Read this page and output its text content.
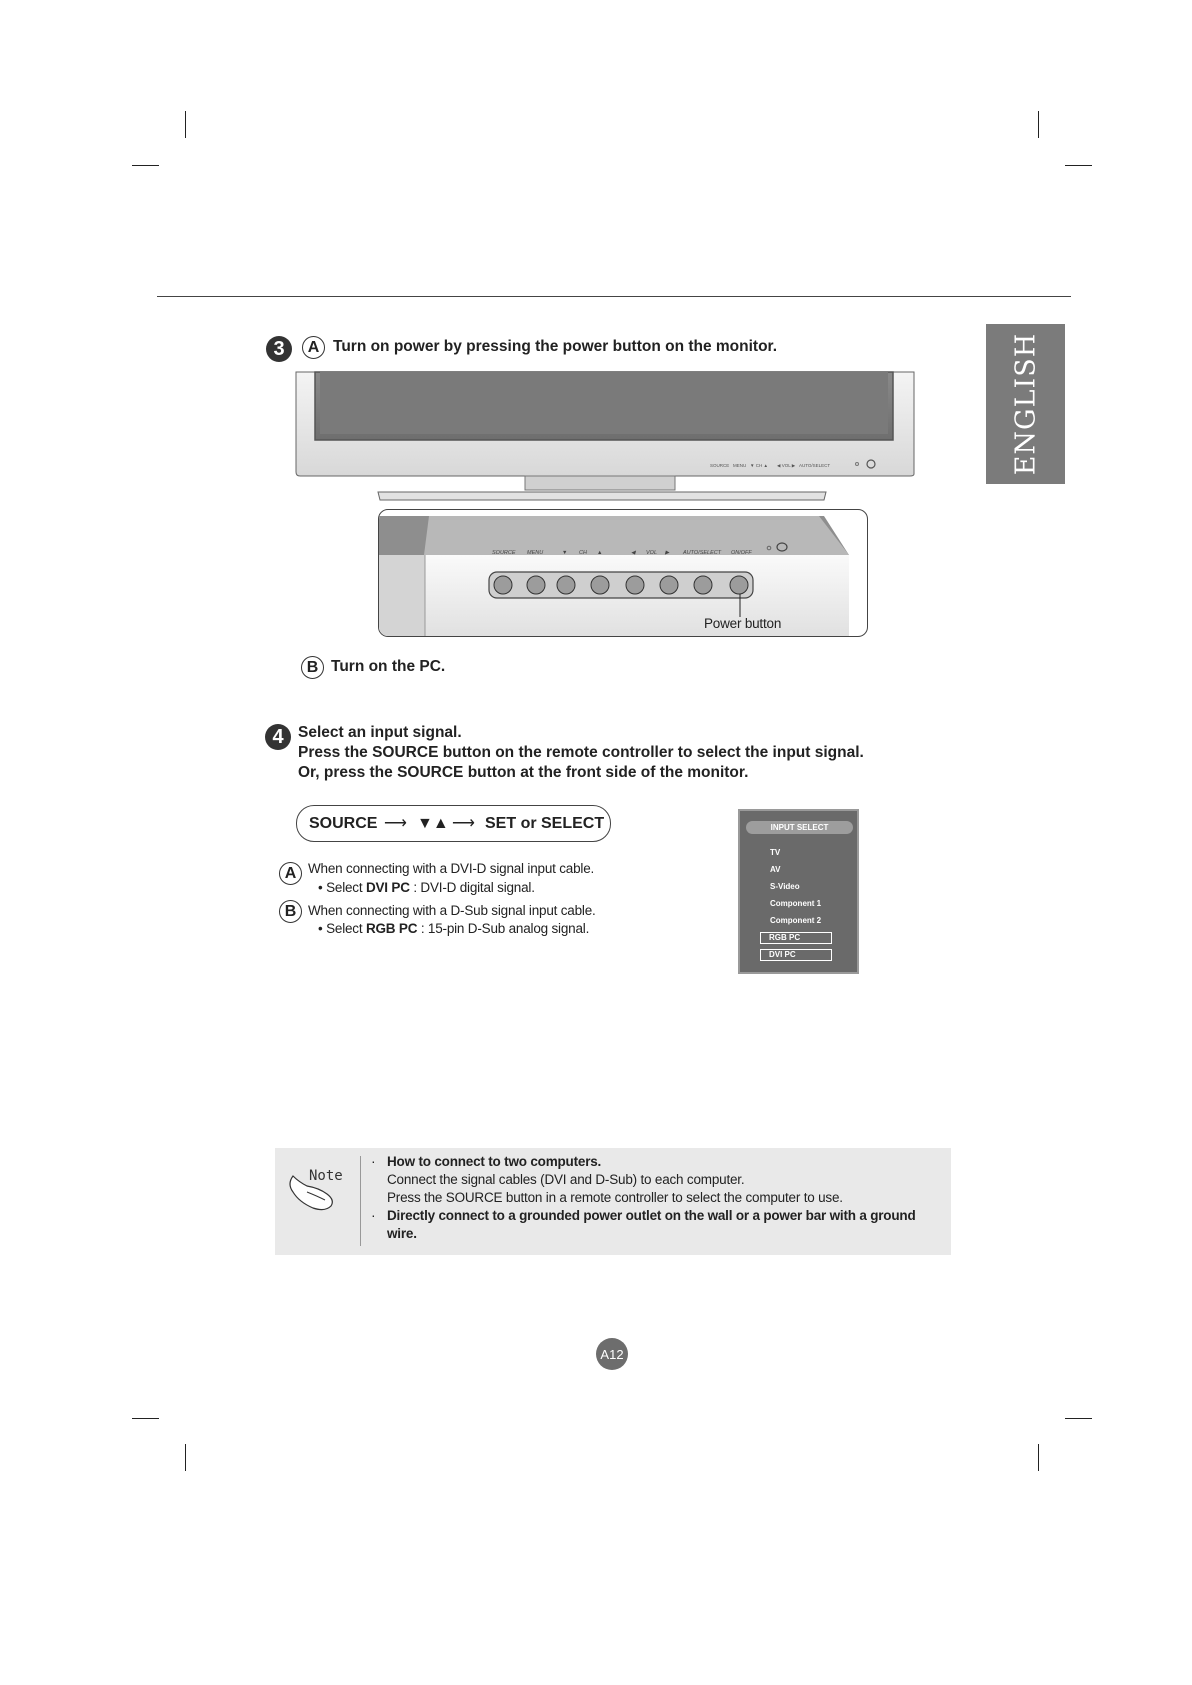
ENGLISH
3	A Turn on power by pressing the power button on the monitor.
SOURCE MENU ▼ CH ▲ ◀ VOL ▶ AUTO/SELECT
SOURCE MENU	▼ CH ▲	◀ VOL ▶	AUTO/SELECT ON/OFF
Power button
B Turn on the PC.
4 Select an input signal.
Press the SOURCE button on the remote controller to select the input signal.
Or, press the SOURCE button at the front side of the monitor.
SOURCE ⟶ ▼▲ ⟶ SET or SELECT
A When connecting with a DVI-D signal input cable.
• Select DVI PC : DVI-D digital signal.
B When connecting with a D-Sub signal input cable.
• Select RGB PC : 15-pin D-Sub analog signal.
INPUT SELECT
TV
AV
S-Video
Component 1
Component 2
RGB PC
DVI PC
Note
· How to connect to two computers.
Connect the signal cables (DVI and D-Sub) to each computer.
Press the SOURCE button in a remote controller to select the computer to use.
· Directly connect to a grounded power outlet on the wall or a power bar with a ground
wire.
A12
